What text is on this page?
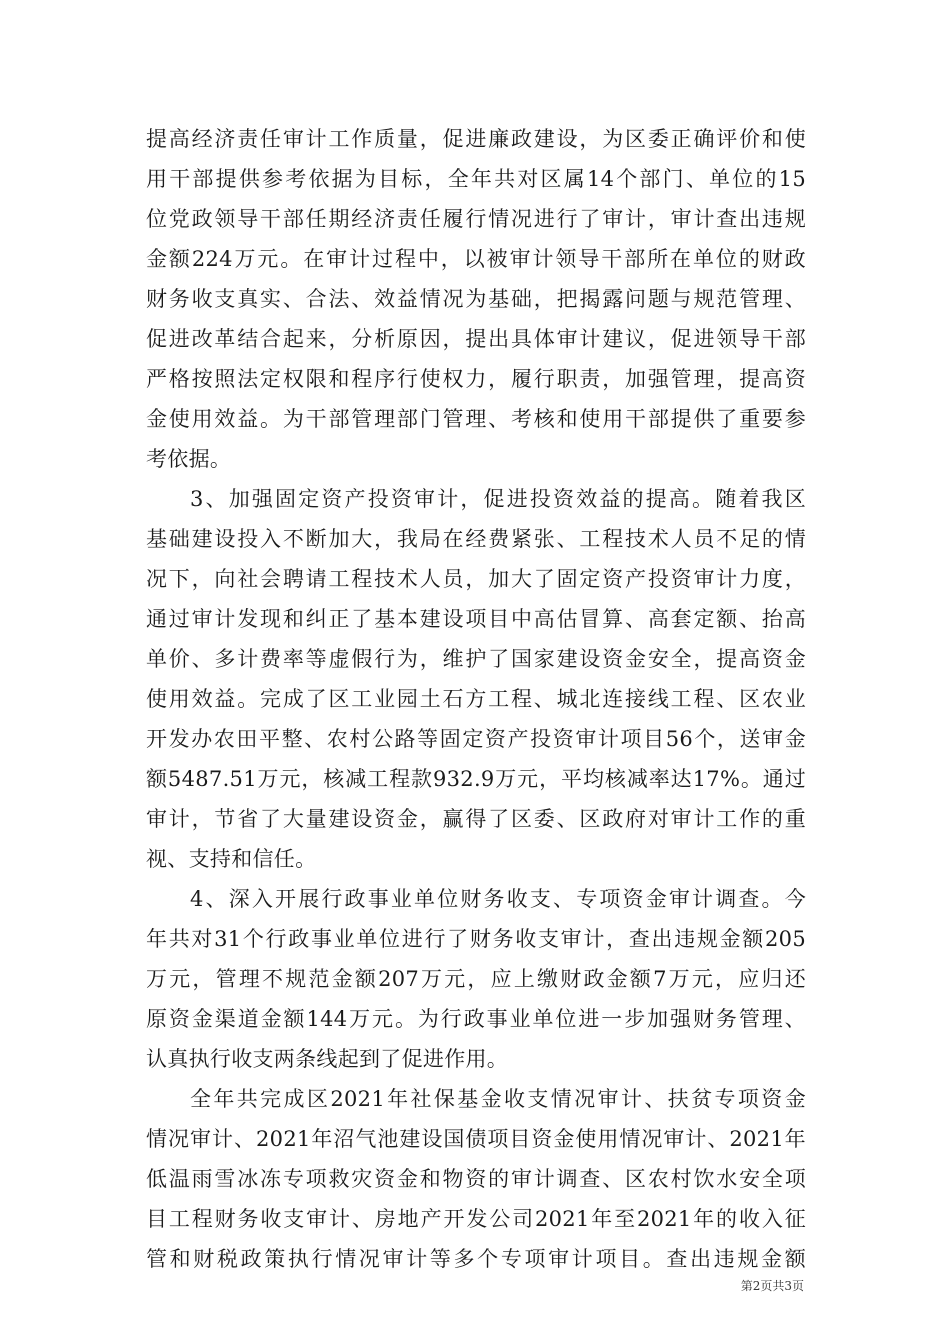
提高经济责任审计工作质量，促进廉政建设，为区委正确评价和使
用干部提供参考依据为目标，全年共对区属14个部门、单位的15
位党政领导干部任期经济责任履行情况进行了审计，审计查出违规
金额224万元。在审计过程中，以被审计领导干部所在单位的财政
财务收支真实、合法、效益情况为基础，把揭露问题与规范管理、
促进改革结合起来，分析原因，提出具体审计建议，促进领导干部
严格按照法定权限和程序行使权力，履行职责，加强管理，提高资
金使用效益。为干部管理部门管理、考核和使用干部提供了重要参
考依据。
3、加强固定资产投资审计，促进投资效益的提高。随着我区
基础建设投入不断加大，我局在经费紧张、工程技术人员不足的情
况下，向社会聘请工程技术人员，加大了固定资产投资审计力度，
通过审计发现和纠正了基本建设项目中高估冒算、高套定额、抬高
单价、多计费率等虚假行为，维护了国家建设资金安全，提高资金
使用效益。完成了区工业园土石方工程、城北连接线工程、区农业
开发办农田平整、农村公路等固定资产投资审计项目56个，送审金
额5487.51万元，核减工程款932.9万元，平均核减率达17%。通过
审计，节省了大量建设资金，赢得了区委、区政府对审计工作的重
视、支持和信任。
4、深入开展行政事业单位财务收支、专项资金审计调查。今
年共对31个行政事业单位进行了财务收支审计，查出违规金额205
万元，管理不规范金额207万元，应上缴财政金额7万元，应归还
原资金渠道金额144万元。为行政事业单位进一步加强财务管理、
认真执行收支两条线起到了促进作用。
全年共完成区2021年社保基金收支情况审计、扶贫专项资金
情况审计、2021年沼气池建设国债项目资金使用情况审计、2021年
低温雨雪冰冻专项救灾资金和物资的审计调查、区农村饮水安全项
目工程财务收支审计、房地产开发公司2021年至2021年的收入征
管和财税政策执行情况审计等多个专项审计项目。查出违规金额
第2页共3页
